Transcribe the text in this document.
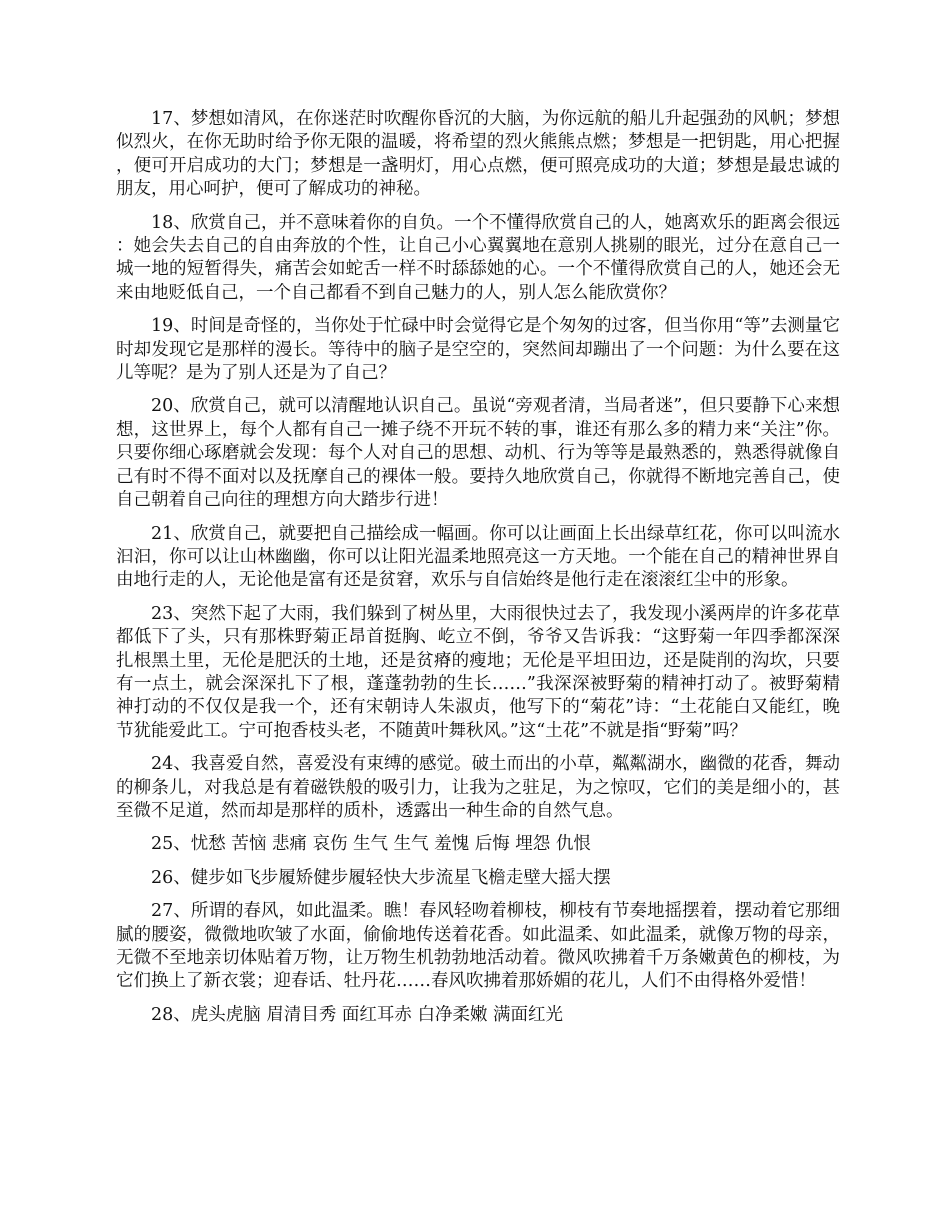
17、梦想如清风，在你迷茫时吹醒你昏沉的大脑，为你远航的船儿升起强劲的风帆；梦想似烈火，在你无助时给予你无限的温暖，将希望的烈火熊熊点燃；梦想是一把钥匙，用心把握，便可开启成功的大门；梦想是一盏明灯，用心点燃，便可照亮成功的大道；梦想是最忠诚的朋友，用心呵护，便可了解成功的神秘。

18、欣赏自己，并不意味着你的自负。一个不懂得欣赏自己的人，她离欢乐的距离会很远：她会失去自己的自由奔放的个性，让自己小心翼翼地在意别人挑剔的眼光，过分在意自己一城一地的短暂得失，痛苦会如蛇舌一样不时舔舔她的心。一个不懂得欣赏自己的人，她还会无来由地贬低自己，一个自己都看不到自己魅力的人，别人怎么能欣赏你？

19、时间是奇怪的，当你处于忙碌中时会觉得它是个匆匆的过客，但当你用“等”去测量它时却发现它是那样的漫长。等待中的脑子是空空的，突然间却蹦出了一个问题：为什么要在这儿等呢？是为了别人还是为了自己？

20、欣赏自己，就可以清醒地认识自己。虽说“旁观者清，当局者迷”，但只要静下心来想想，这世界上，每个人都有自己一摊子绕不开玩不转的事，谁还有那么多的精力来“关注”你。只要你细心琢磨就会发现：每个人对自己的思想、动机、行为等等是最熟悉的，熟悉得就像自己有时不得不面对以及抚摩自己的裸体一般。要持久地欣赏自己，你就得不断地完善自己，使自己朝着自己向往的理想方向大踏步行进！

21、欣赏自己，就要把自己描绘成一幅画。你可以让画面上长出绿草红花，你可以叫流水汩汩，你可以让山林幽幽，你可以让阳光温柔地照亮这一方天地。一个能在自己的精神世界自由地行走的人，无论他是富有还是贫窘，欢乐与自信始终是他行走在滚滚红尘中的形象。

23、突然下起了大雨，我们躲到了树丛里，大雨很快过去了，我发现小溪两岸的许多花草都低下了头，只有那株野菊正昂首挺胸、屹立不倒，爷爷又告诉我：“这野菊一年四季都深深扎根黑土里，无伦是肥沃的土地，还是贫瘠的瘦地；无伦是平坦田边，还是陡削的沟坎，只要有一点土，就会深深扎下了根，蓬蓬勃勃的生长……”我深深被野菊的精神打动了。被野菊精神打动的不仅仅是我一个，还有宋朝诗人朱淑贞，他写下的“菊花”诗：“土花能白又能红，晚节犹能爱此工。宁可抱香枝头老，不随黄叶舞秋风。”这“土花”不就是指“野菊”吗？

24、我喜爱自然，喜爱没有束缚的感觉。破土而出的小草，粼粼湖水，幽微的花香，舞动的柳条儿，对我总是有着磁铁般的吸引力，让我为之驻足，为之惊叹，它们的美是细小的，甚至微不足道，然而却是那样的质朴，透露出一种生命的自然气息。

25、忧愁 苦恼 悲痛 哀伤 生气 生气 羞愧 后悔 埋怨 仇恨

26、健步如飞步履矫健步履轻快大步流星飞檐走壁大摇大摆

27、所谓的春风，如此温柔。瞧！春风轻吻着柳枝，柳枝有节奏地摇摆着，摆动着它那细腻的腰姿，微微地吹皱了水面，偷偷地传送着花香。如此温柔、如此温柔，就像万物的母亲，无微不至地亲切体贴着万物，让万物生机勃勃地活动着。微风吹拂着千万条嫩黄色的柳枝，为它们换上了新衣裳；迎春话、牡丹花……春风吹拂着那娇媚的花儿，人们不由得格外爱惜！

28、虎头虎脑 眉清目秀 面红耳赤 白净柔嫩 满面红光
